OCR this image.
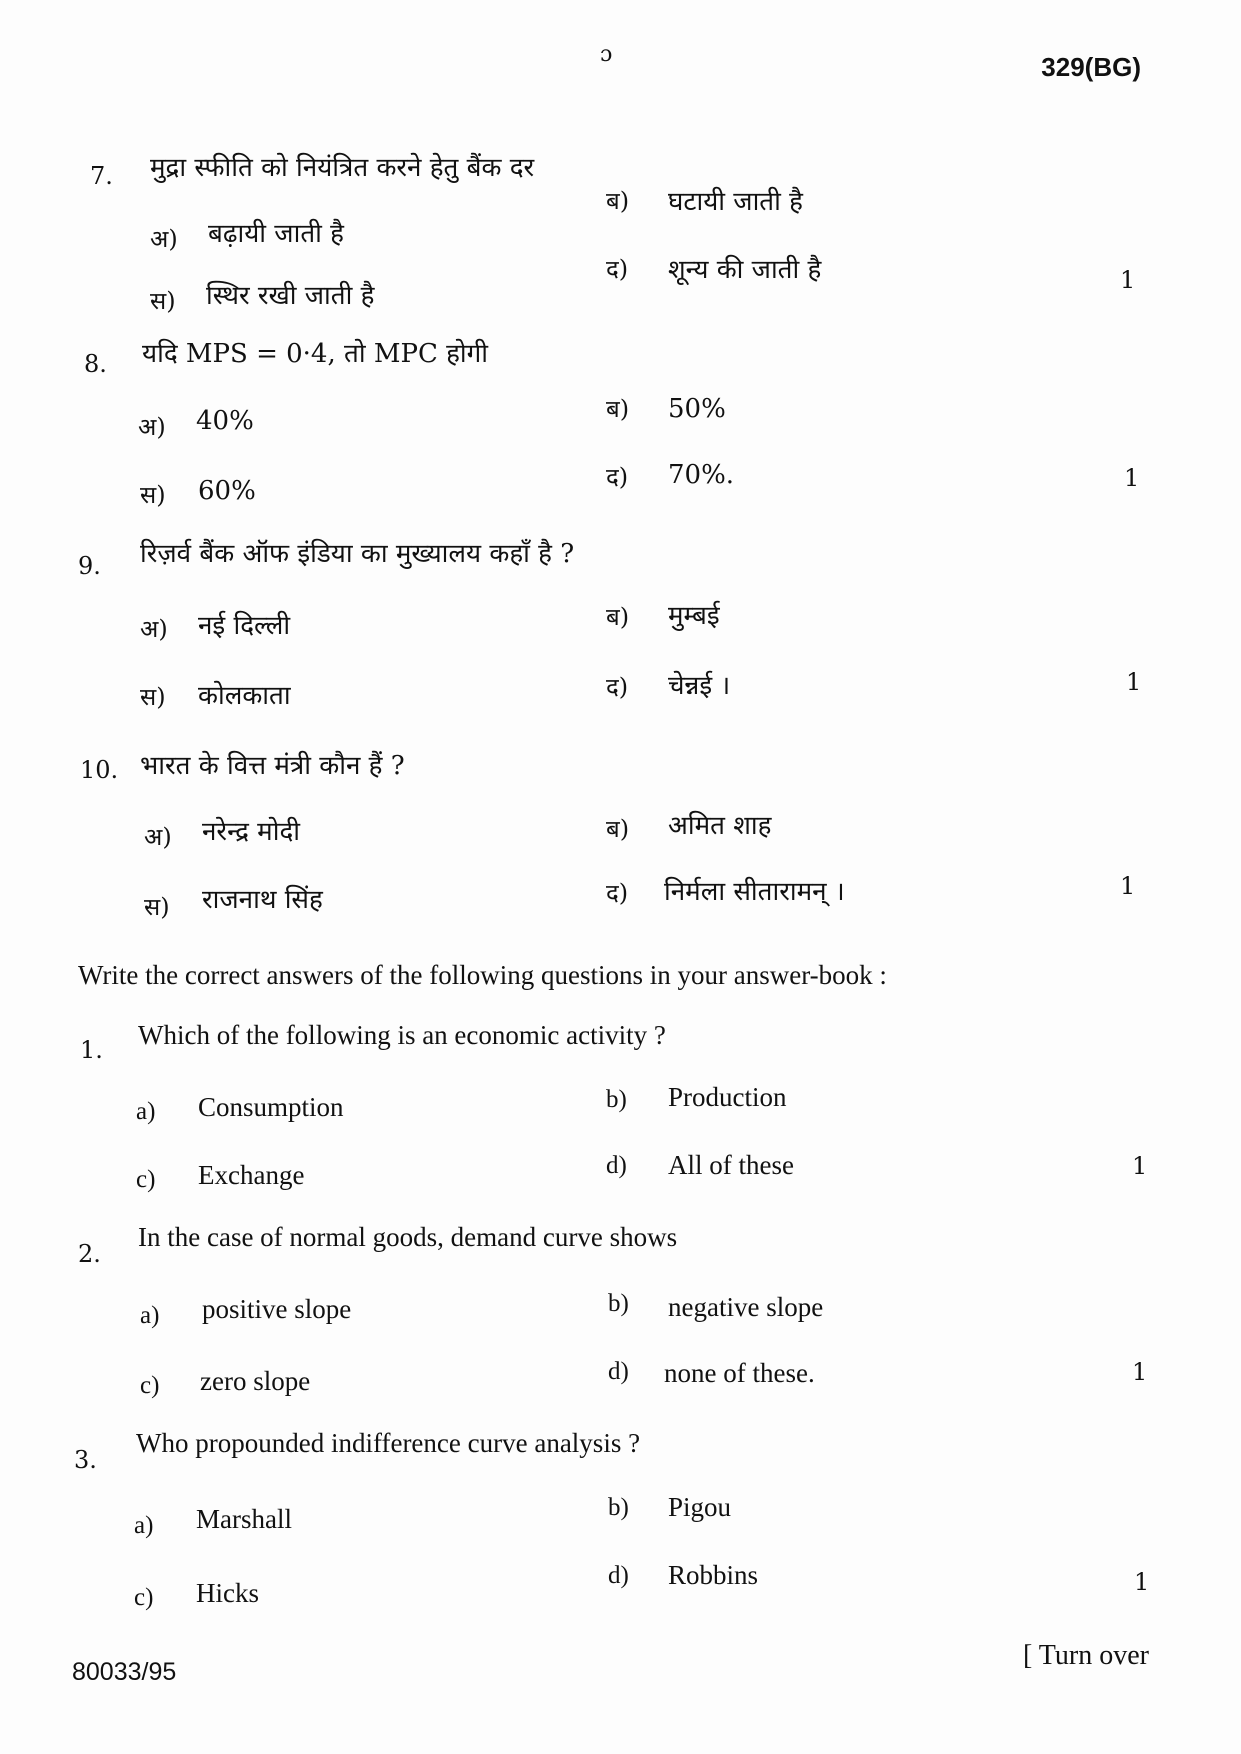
ɔ	329(BG)
7. मुद्रा स्फीति को नियंत्रित करने हेतु बैंक दर
अ) बढ़ायी जाती है
ब) घटायी जाती है
स) स्थिर रखी जाती है
द) शून्य की जाती है	1
8. यदि MPS = 0·4, तो MPC होगी
अ) 40%	ब) 50%
स) 60%	द) 70%.	1
9. रिज़र्व बैंक ऑफ इंडिया का मुख्यालय कहाँ है ?
अ) नई दिल्ली	ब) मुम्बई
स) कोलकाता	द) चेन्नई ।	1
10. भारत के वित्त मंत्री कौन हैं ?
अ) नरेन्द्र मोदी	ब) अमित शाह
स) राजनाथ सिंह	द) निर्मला सीतारामन् ।	1
Write the correct answers of the following questions in your answer-book :
1. Which of the following is an economic activity ?
a) Consumption	b) Production
c) Exchange	d) All of these	1
2.
In the case of normal goods, demand curve shows
a) positive slope	b) negative slope
c) zero slope	d) none of these.	1
3.
Who propounded indifference curve analysis ?
a) Marshall	b) Pigou
c) Hicks
d) Robbins	1
80033/95
[ Turn over
